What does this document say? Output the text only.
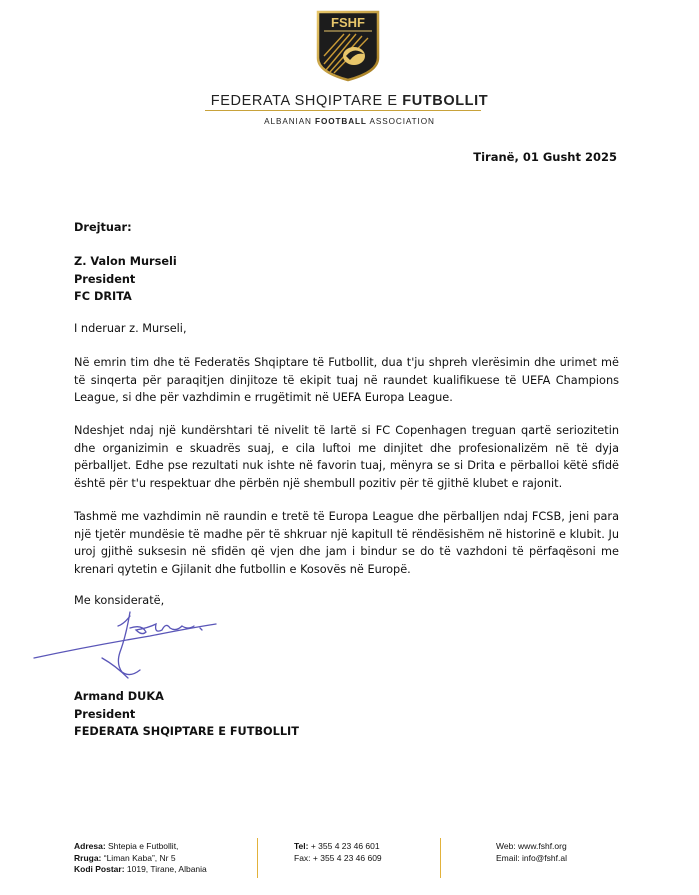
FSHF
FEDERATA SHQIPTARE E FUTBOLLIT
ALBANIAN FOOTBALL ASSOCIATION
Tiranë, 01 Gusht 2025
Drejtuar:
Z. Valon Murseli
President
FC DRITA
I nderuar z. Murseli,
Në emrin tim dhe të Federatës Shqiptare të Futbollit, dua t'ju shpreh vlerësimin dhe urimet më të sinqerta për paraqitjen dinjitoze të ekipit tuaj në raundet kualifikuese të UEFA Champions League, si dhe për vazhdimin e rrugëtimit në UEFA Europa League.
Ndeshjet ndaj një kundërshtari të nivelit të lartë si FC Copenhagen treguan qartë seriozitetin dhe organizimin e skuadrës suaj, e cila luftoi me dinjitet dhe profesionalizëm në të dyja përballjet. Edhe pse rezultati nuk ishte në favorin tuaj, mënyra se si Drita e përballoi këtë sfidë është për t'u respektuar dhe përbën një shembull pozitiv për të gjithë klubet e rajonit.
Tashmë me vazhdimin në raundin e tretë të Europa League dhe përballjen ndaj FCSB, jeni para një tjetër mundësie të madhe për të shkruar një kapitull të rëndësishëm në historinë e klubit. Ju uroj gjithë suksesin në sfidën që vjen dhe jam i bindur se do të vazhdoni të përfaqësoni me krenari qytetin e Gjilanit dhe futbollin e Kosovës në Europë.
Me konsideratë,
Armand DUKA
President
FEDERATA SHQIPTARE E FUTBOLLIT
Adresa: Shtepia e Futbollit,
Rruga: “Liman Kaba”, Nr 5
Kodi Postar: 1019, Tirane, Albania
Tel: + 355 4 23 46 601
Fax: + 355 4 23 46 609
Web: www.fshf.org
Email: info@fshf.al
